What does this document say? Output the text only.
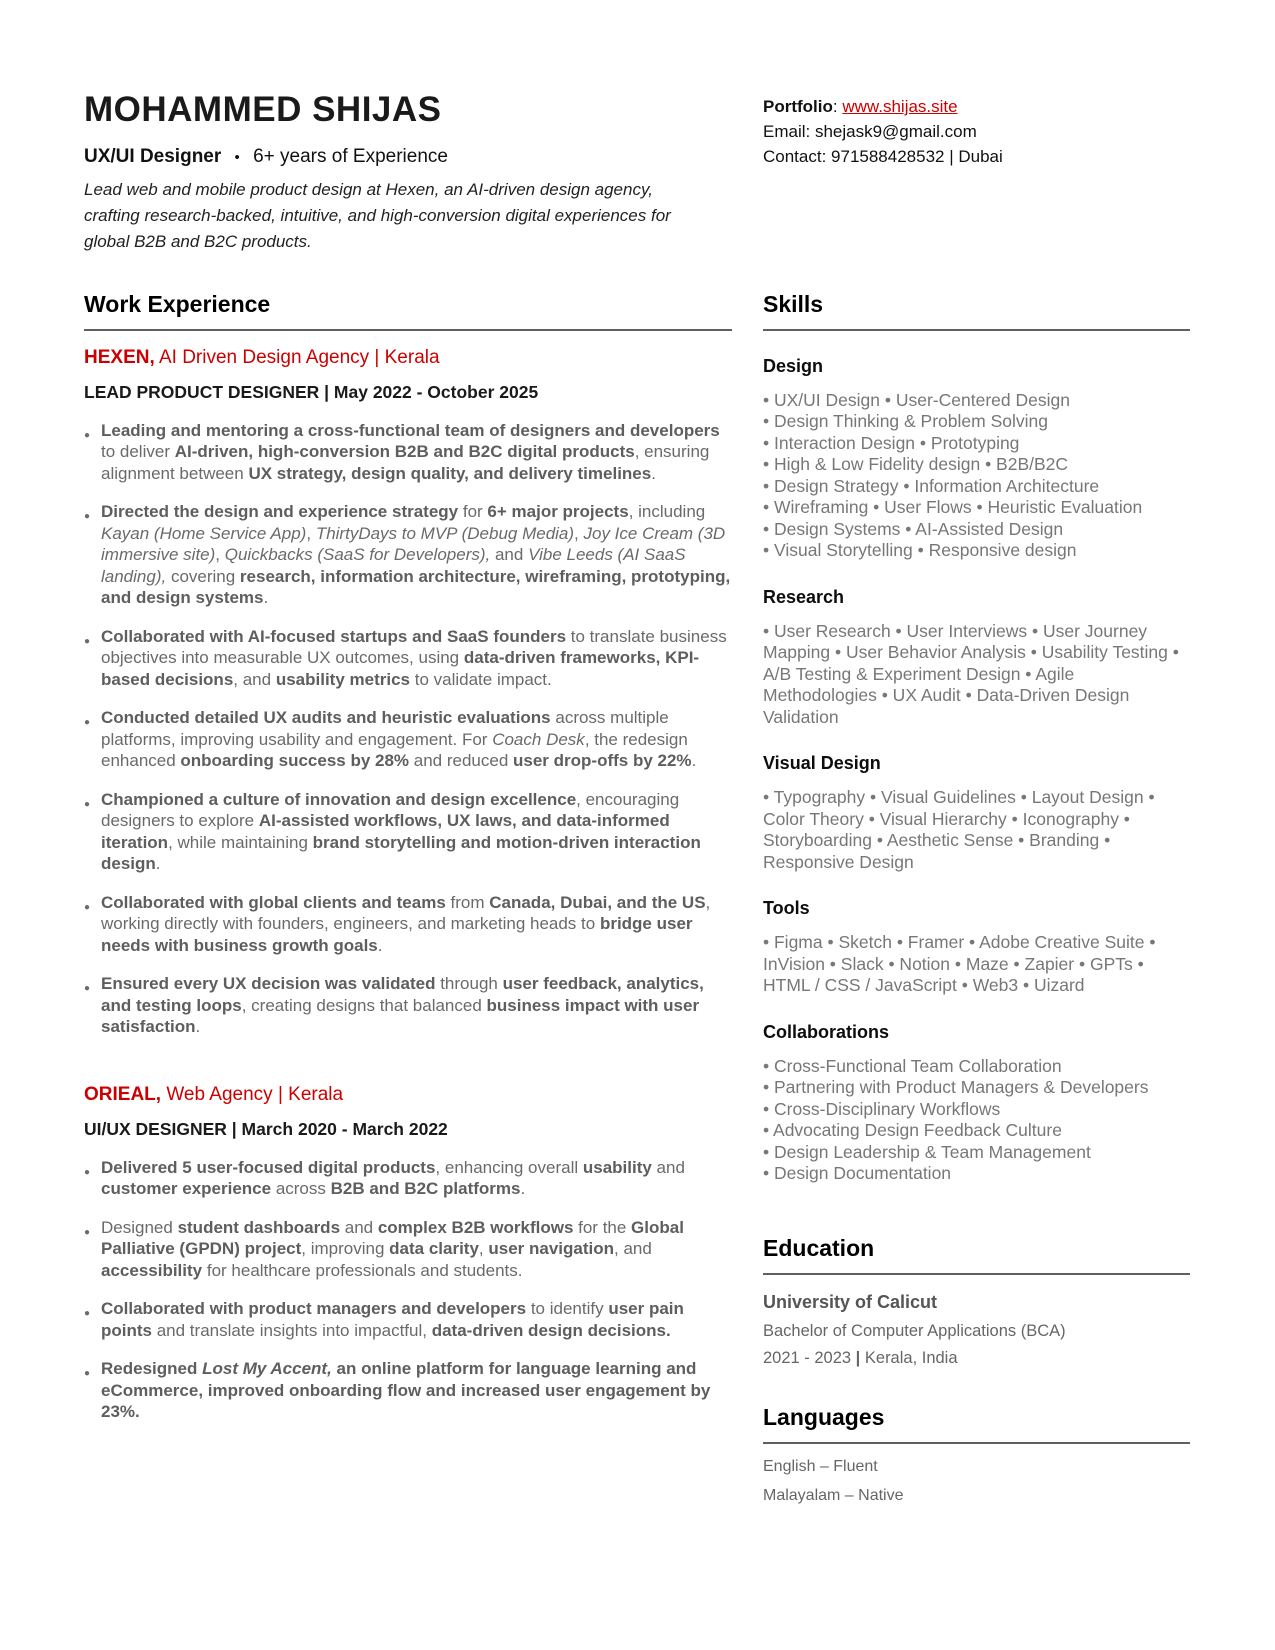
MOHAMMED SHIJAS

UX/UI Designer • 6+ years of Experience

Lead web and mobile product design at Hexen, an AI-driven design agency, crafting research-backed, intuitive, and high-conversion digital experiences for global B2B and B2C products.

Portfolio: www.shijas.site

Email: shejask9@gmail.com

Contact: 971588428532 | Dubai

Work Experience
HEXEN, AI Driven Design Agency | Kerala

LEAD PRODUCT DESIGNER | May 2022 - October 2025

● Leading and mentoring a cross-functional team of designers and developers to deliver AI-driven, high-conversion B2B and B2C digital products, ensuring alignment between UX strategy, design quality, and delivery timelines.
● Directed the design and experience strategy for 6+ major projects, including Kayan (Home Service App), ThirtyDays to MVP (Debug Media), Joy Ice Cream (3D immersive site), Quickbacks (SaaS for Developers), and Vibe Leeds (AI SaaS landing), covering research, information architecture, wireframing, prototyping, and design systems.
● Collaborated with AI-focused startups and SaaS founders to translate business objectives into measurable UX outcomes, using data-driven frameworks, KPI-based decisions, and usability metrics to validate impact.
● Conducted detailed UX audits and heuristic evaluations across multiple platforms, improving usability and engagement. For Coach Desk, the redesign enhanced onboarding success by 28% and reduced user drop-offs by 22%.
● Championed a culture of innovation and design excellence, encouraging designers to explore AI-assisted workflows, UX laws, and data-informed iteration, while maintaining brand storytelling and motion-driven interaction design.
● Collaborated with global clients and teams from Canada, Dubai, and the US, working directly with founders, engineers, and marketing heads to bridge user needs with business growth goals.
● Ensured every UX decision was validated through user feedback, analytics, and testing loops, creating designs that balanced business impact with user satisfaction.
ORIEAL, Web Agency | Kerala

UI/UX DESIGNER | March 2020 - March 2022

● Delivered 5 user-focused digital products, enhancing overall usability and customer experience across B2B and B2C platforms.
● Designed student dashboards and complex B2B workflows for the Global Palliative (GPDN) project, improving data clarity, user navigation, and accessibility for healthcare professionals and students.
● Collaborated with product managers and developers to identify user pain points and translate insights into impactful, data-driven design decisions.
● Redesigned Lost My Accent, an online platform for language learning and eCommerce, improved onboarding flow and increased user engagement by 23%.
Skills
Design

• UX/UI Design • User-Centered Design

• Design Thinking & Problem Solving

• Interaction Design • Prototyping

• High & Low Fidelity design • B2B/B2C

• Design Strategy • Information Architecture

• Wireframing • User Flows • Heuristic Evaluation

• Design Systems • AI-Assisted Design

• Visual Storytelling • Responsive design

Research

• User Research • User Interviews • User Journey Mapping • User Behavior Analysis • Usability Testing • A/B Testing & Experiment Design • Agile Methodologies • UX Audit • Data-Driven Design Validation

Visual Design

• Typography • Visual Guidelines • Layout Design • Color Theory • Visual Hierarchy • Iconography • Storyboarding • Aesthetic Sense • Branding • Responsive Design

Tools

• Figma • Sketch • Framer • Adobe Creative Suite • InVision • Slack • Notion • Maze • Zapier • GPTs • HTML / CSS / JavaScript • Web3 • Uizard

Collaborations

• Cross-Functional Team Collaboration

• Partnering with Product Managers & Developers

• Cross-Disciplinary Workflows

• Advocating Design Feedback Culture

• Design Leadership & Team Management

• Design Documentation

Education

University of Calicut

Bachelor of Computer Applications (BCA)

2021 - 2023 | Kerala, India

Languages

English – Fluent

Malayalam – Native
